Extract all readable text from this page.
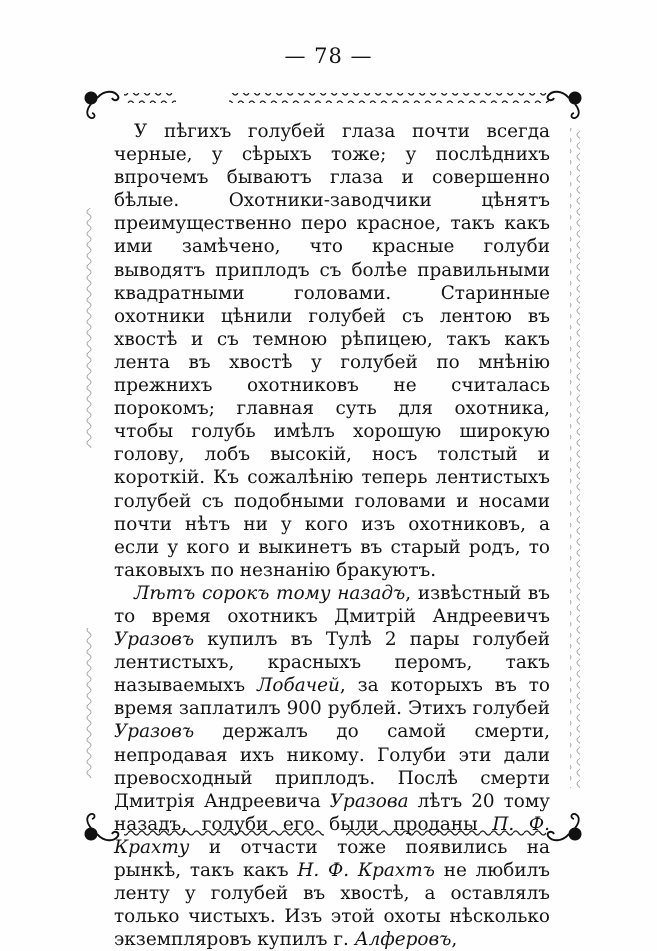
— 78 —

У пѣгихъ голубей глаза почти всегда черные, у сѣрыхъ тоже; у послѣднихъ впрочемъ бываютъ глаза и совершенно бѣлые. Охотники-заводчики цѣнятъ преимущественно перо красное, такъ какъ ими замѣчено, что красные голуби выводятъ приплодъ съ болѣе правильными квадратными головами. Старинные охотники цѣнили голубей съ лентою въ хвостѣ и съ темною рѣпицею, такъ какъ лента въ хвостѣ у голубей по мнѣнію прежнихъ охотниковъ не считалась порокомъ; главная суть для охотника, чтобы голубь имѣлъ хорошую широкую голову, лобъ высокій, носъ толстый и короткій. Къ сожалѣнію теперь лентистыхъ голубей съ подобными головами и носами почти нѣтъ ни у кого изъ охотниковъ, а если у кого и выкинетъ въ старый родъ, то таковыхъ по незнанію бракуютъ.

Лѣтъ сорокъ тому назадъ, извѣстный въ то время охотникъ Дмитрій Андреевичъ Уразовъ купилъ въ Тулѣ 2 пары голубей лентистыхъ, красныхъ перомъ, такъ называемыхъ Лобачей, за которыхъ въ то время заплатилъ 900 рублей. Этихъ голубей Уразовъ держалъ до самой смерти, непродавая ихъ никому. Голуби эти дали превосходный приплодъ. Послѣ смерти Дмитрія Андреевича Уразова лѣтъ 20 тому назадъ, голуби его были проданы П. Ф. Крахту и отчасти тоже появились на рынкѣ, такъ какъ Н. Ф. Крахтъ не любилъ ленту у голубей въ хвостѣ, а оставлялъ только чистыхъ. Изъ этой охоты нѣсколько экземпляровъ купилъ г. Алферовъ,
